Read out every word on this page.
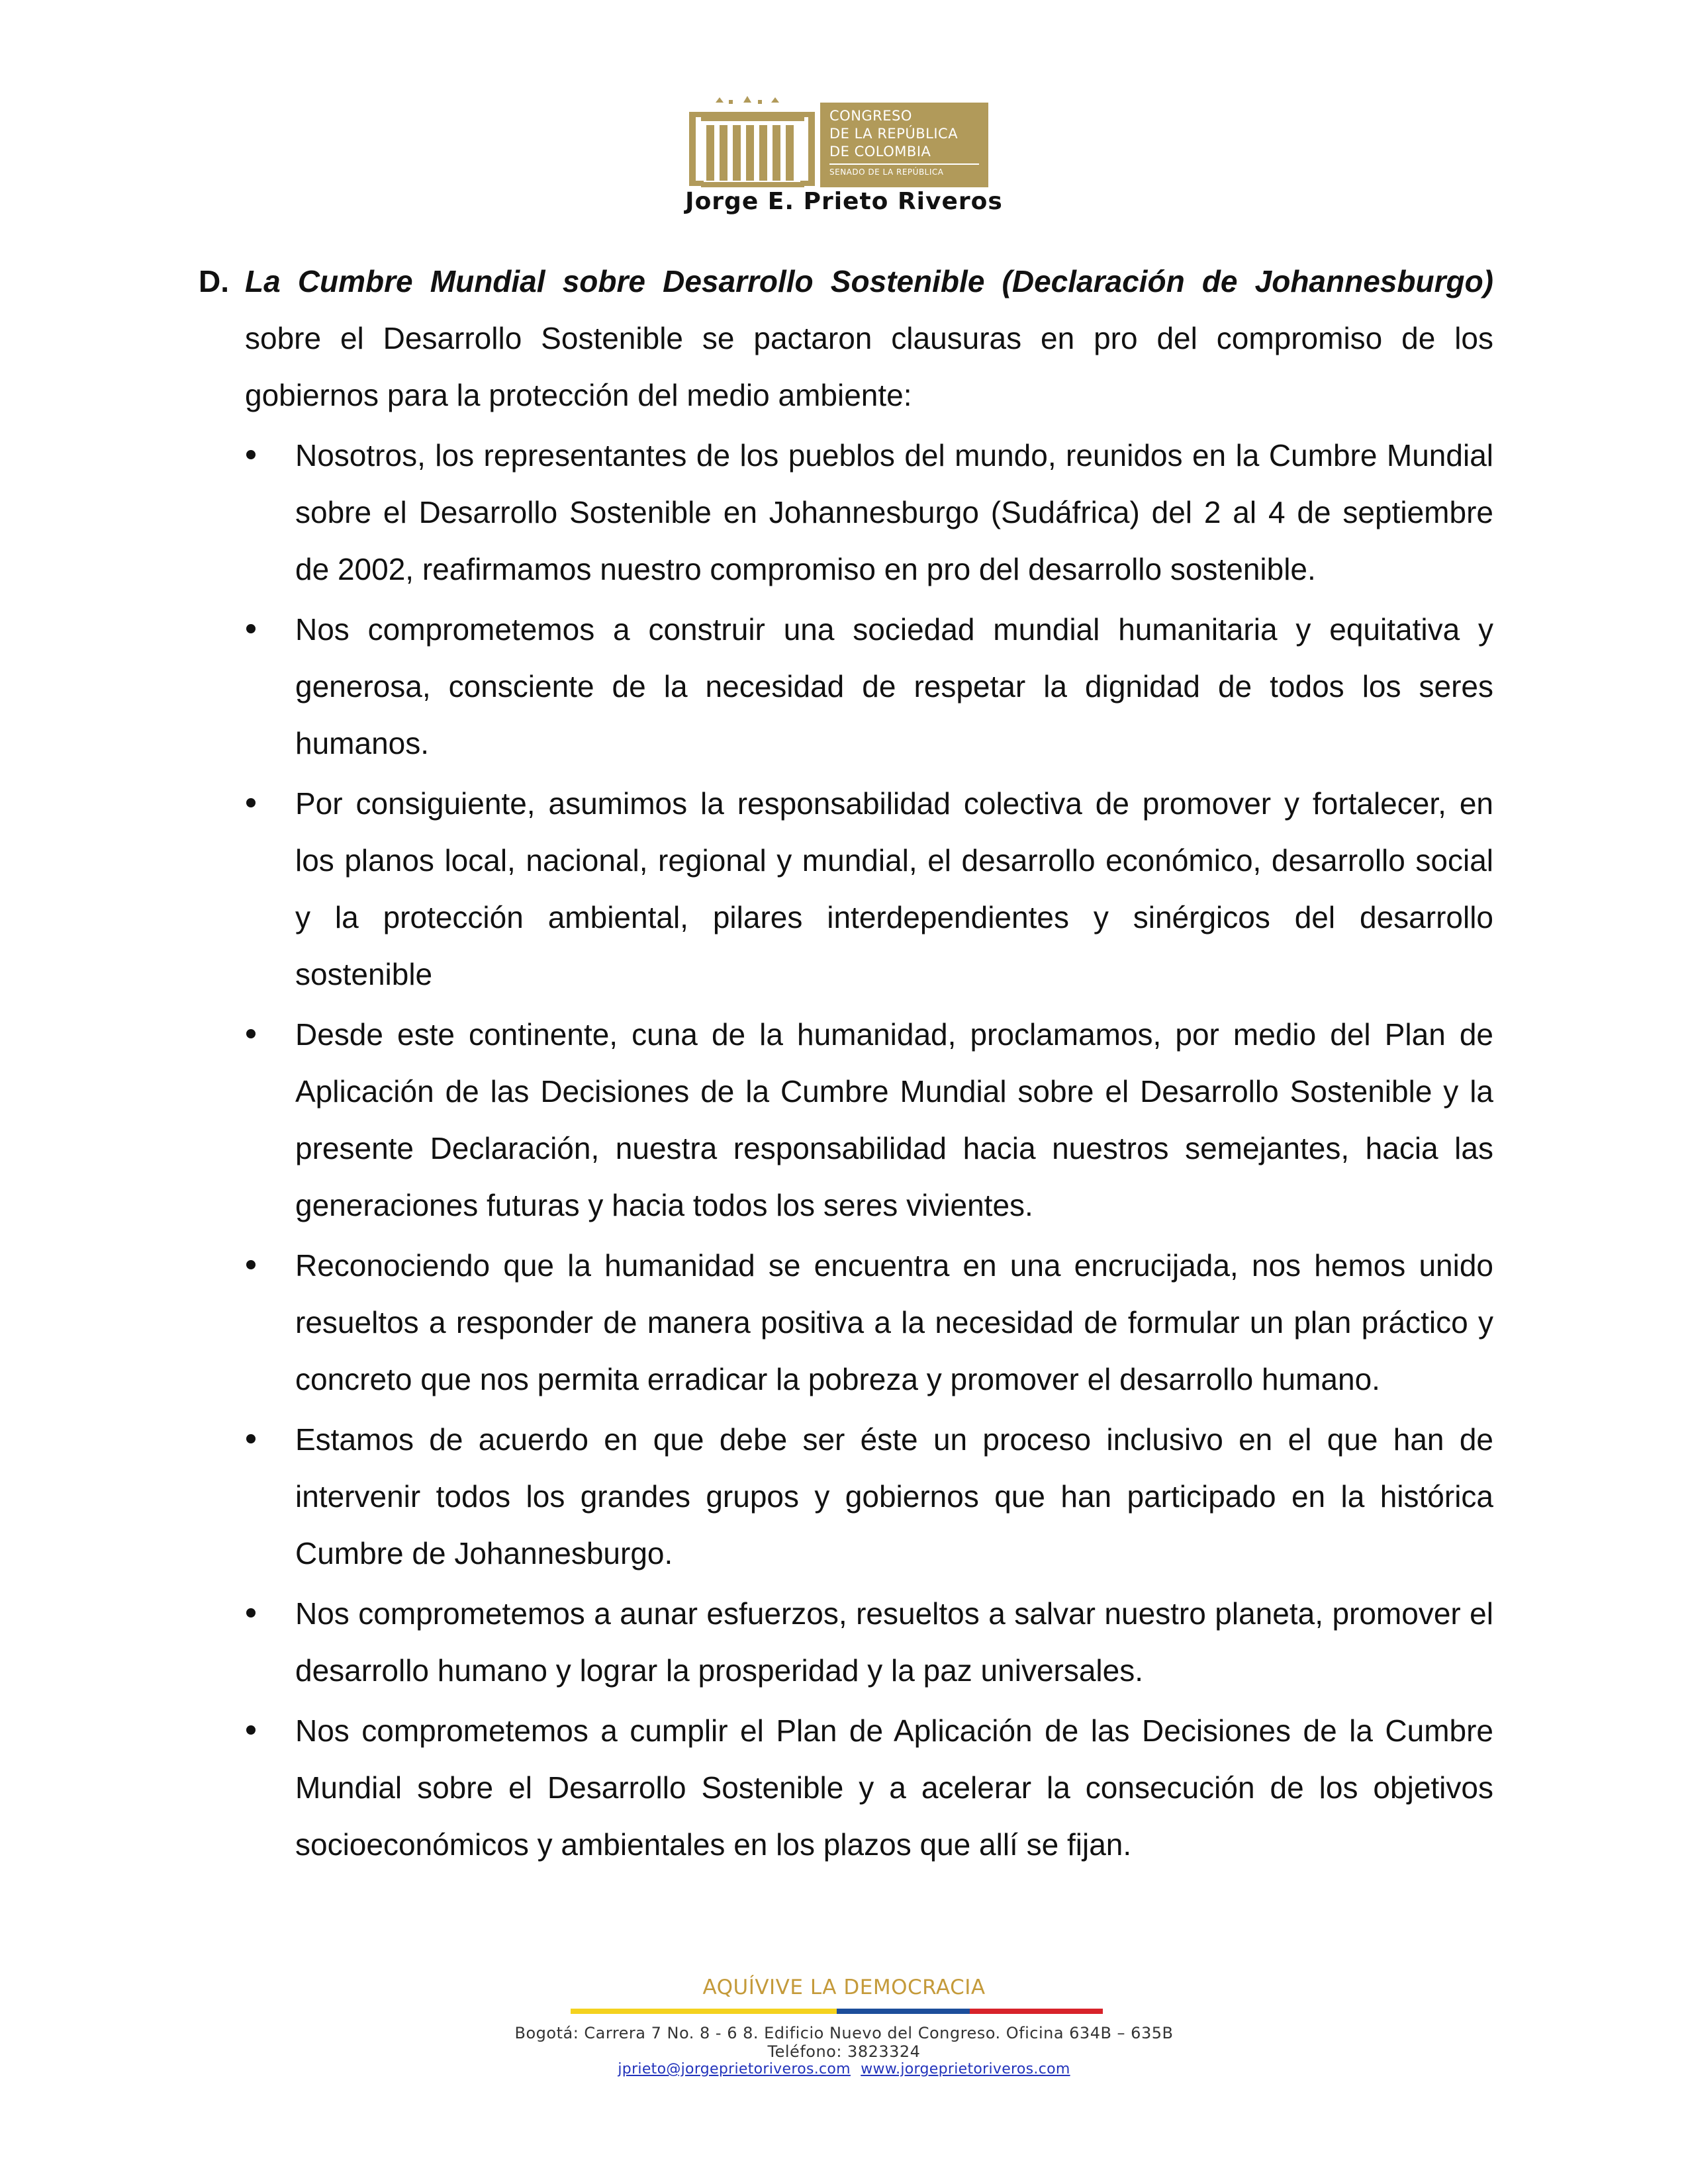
CONGRESO
DE LA REPÚBLICA
DE COLOMBIA
SENADO DE LA REPÚBLICA
Jorge E. Prieto Riveros
D. La Cumbre Mundial sobre Desarrollo Sostenible (Declaración de Johannesburgo) sobre el Desarrollo Sostenible se pactaron clausuras en pro del compromiso de los gobiernos para la protección del medio ambiente:
Nosotros, los representantes de los pueblos del mundo, reunidos en la Cumbre Mundial sobre el Desarrollo Sostenible en Johannesburgo (Sudáfrica) del 2 al 4 de septiembre de 2002, reafirmamos nuestro compromiso en pro del desarrollo sostenible.
Nos comprometemos a construir una sociedad mundial humanitaria y equitativa y generosa, consciente de la necesidad de respetar la dignidad de todos los seres humanos.
Por consiguiente, asumimos la responsabilidad colectiva de promover y fortalecer, en los planos local, nacional, regional y mundial, el desarrollo económico, desarrollo social y la protección ambiental, pilares interdependientes y sinérgicos del desarrollo sostenible
Desde este continente, cuna de la humanidad, proclamamos, por medio del Plan de Aplicación de las Decisiones de la Cumbre Mundial sobre el Desarrollo Sostenible y la presente Declaración, nuestra responsabilidad hacia nuestros semejantes, hacia las generaciones futuras y hacia todos los seres vivientes.
Reconociendo que la humanidad se encuentra en una encrucijada, nos hemos unido resueltos a responder de manera positiva a la necesidad de formular un plan práctico y concreto que nos permita erradicar la pobreza y promover el desarrollo humano.
Estamos de acuerdo en que debe ser éste un proceso inclusivo en el que han de intervenir todos los grandes grupos y gobiernos que han participado en la histórica Cumbre de Johannesburgo.
Nos comprometemos a aunar esfuerzos, resueltos a salvar nuestro planeta, promover el desarrollo humano y lograr la prosperidad y la paz universales.
Nos comprometemos a cumplir el Plan de Aplicación de las Decisiones de la Cumbre Mundial sobre el Desarrollo Sostenible y a acelerar la consecución de los objetivos socioeconómicos y ambientales en los plazos que allí se fijan.
AQUÍVIVE LA DEMOCRACIA
Bogotá: Carrera 7 No. 8 - 6 8. Edificio Nuevo del Congreso. Oficina 634B – 635B
Teléfono: 3823324
jprieto@jorgeprietoriveros.com www.jorgeprietoriveros.com
